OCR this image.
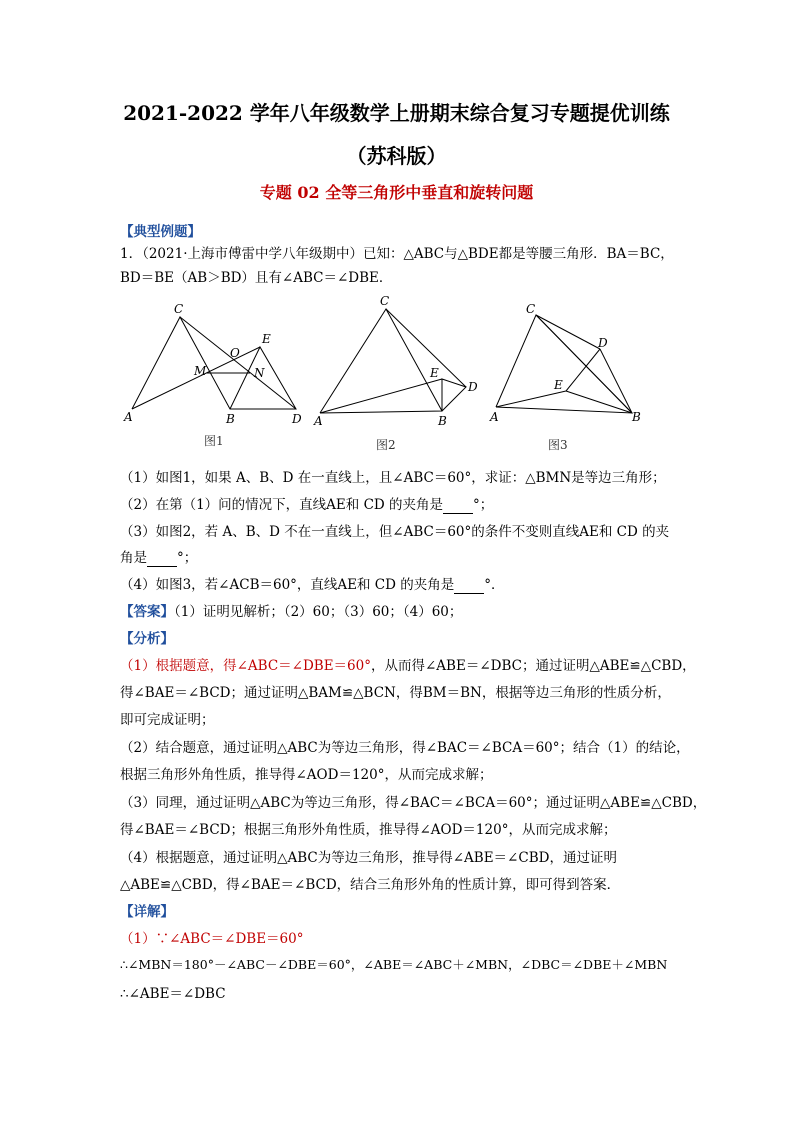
2021-2022 学年八年级数学上册期末综合复习专题提优训练
（苏科版）
专题 02 全等三角形中垂直和旋转问题
【典型例题】
1．（2021·上海市傅雷中学八年级期中）已知：△ABC与△BDE都是等腰三角形．BA＝BC，
BD＝BE（AB＞BD）且有∠ABC＝∠DBE．
C
O
E
M	N
A	B	D
图1
C
E
D
A	B
图2
C
D
E
A	B
图3
（1）如图1，如果 A、B、D 在一直线上，且∠ABC＝60°，求证：△BMN是等边三角形；
（2）在第（1）问的情况下，直线AE和 CD 的夹角是 °；
（3）如图2，若 A、B、D 不在一直线上，但∠ABC＝60°的条件不变则直线AE和 CD 的夹
角是 °；
（4）如图3，若∠ACB＝60°，直线AE和 CD 的夹角是 °．
【答案】（1）证明见解析；（2）60；（3）60；（4）60；
【分析】
（1）根据题意，得∠ABC＝∠DBE＝60°，从而得∠ABE＝∠DBC；通过证明△ABE≌△CBD，
得∠BAE＝∠BCD；通过证明△BAM≌△BCN，得BM＝BN，根据等边三角形的性质分析，
即可完成证明；
（2）结合题意，通过证明△ABC为等边三角形，得∠BAC＝∠BCA＝60°；结合（1）的结论，
根据三角形外角性质，推导得∠AOD＝120°，从而完成求解；
（3）同理，通过证明△ABC为等边三角形，得∠BAC＝∠BCA＝60°；通过证明△ABE≌△CBD，
得∠BAE＝∠BCD；根据三角形外角性质，推导得∠AOD＝120°，从而完成求解；
（4）根据题意，通过证明△ABC为等边三角形，推导得∠ABE＝∠CBD，通过证明
△ABE≌△CBD，得∠BAE＝∠BCD，结合三角形外角的性质计算，即可得到答案．
【详解】
（1）∵∠ABC＝∠DBE＝60°
∴∠MBN＝180°－∠ABC－∠DBE＝60°，∠ABE＝∠ABC＋∠MBN，∠DBC＝∠DBE＋∠MBN
∴∠ABE＝∠DBC
